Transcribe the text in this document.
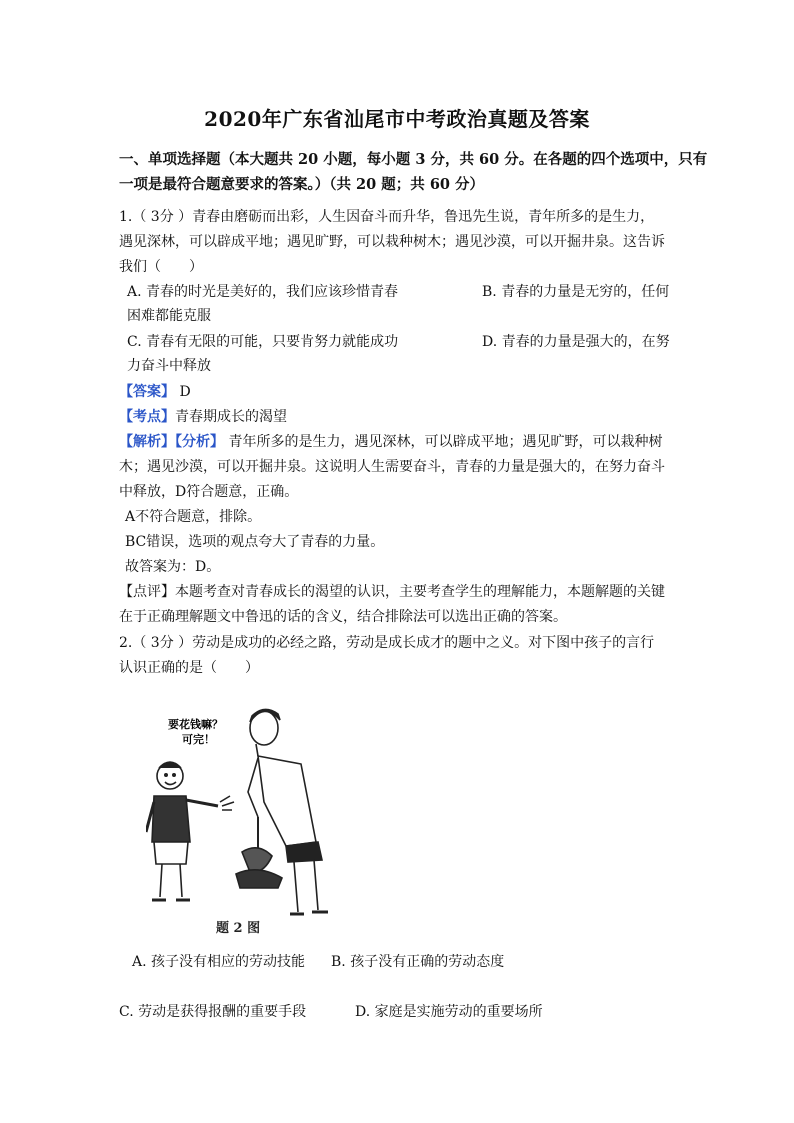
2020年广东省汕尾市中考政治真题及答案
一、单项选择题（本大题共 20 小题，每小题 3 分，共 60 分。在各题的四个选项中，只有
一项是最符合题意要求的答案。）（共 20 题；共 60 分）
1.（ 3分 ）青春由磨砺而出彩，人生因奋斗而升华，鲁迅先生说，青年所多的是生力，
遇见深林，可以辟成平地；遇见旷野，可以栽种树木；遇见沙漠，可以开掘井泉。这告诉
我们（　　）
A. 青春的时光是美好的，我们应该珍惜青春	B. 青春的力量是无穷的，任何
困难都能克服
C. 青春有无限的可能，只要肯努力就能成功	D. 青春的力量是强大的，在努
力奋斗中释放
【答案】 D
【考点】青春期成长的渴望
【解析】【分析】 青年所多的是生力，遇见深林，可以辟成平地；遇见旷野，可以栽种树
木；遇见沙漠，可以开掘井泉。这说明人生需要奋斗，青春的力量是强大的，在努力奋斗
中释放，D符合题意，正确。
A不符合题意，排除。
BC错误，选项的观点夸大了青春的力量。
故答案为：D。
【点评】本题考查对青春成长的渴望的认识，主要考查学生的理解能力，本题解题的关键
在于正确理解题文中鲁迅的话的含义，结合排除法可以选出正确的答案。
2.（ 3分 ）劳动是成功的必经之路，劳动是成长成才的题中之义。对下图中孩子的言行
认识正确的是（　　）
要花钱嘛？
可完！
题 2 图
A. 孩子没有相应的劳动技能 B. 孩子没有正确的劳动态度
C. 劳动是获得报酬的重要手段	D. 家庭是实施劳动的重要场所
